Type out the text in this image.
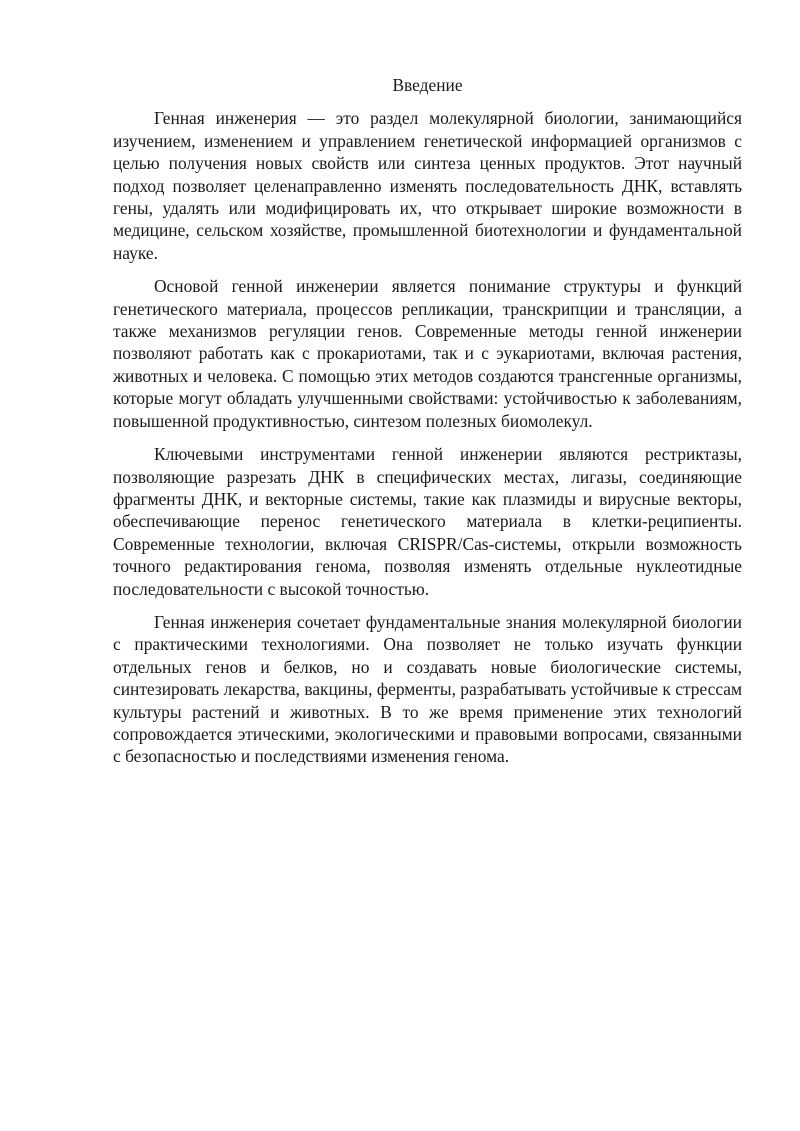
Введение

Генная инженерия — это раздел молекулярной биологии, занимающийся изучением, изменением и управлением генетической информацией организмов с целью получения новых свойств или синтеза ценных продуктов. Этот научный подход позволяет целенаправленно изменять последовательность ДНК, вставлять гены, удалять или модифицировать их, что открывает широкие возможности в медицине, сельском хозяйстве, промышленной биотехнологии и фундаментальной науке.

Основой генной инженерии является понимание структуры и функций генетического материала, процессов репликации, транскрипции и трансляции, а также механизмов регуляции генов. Современные методы генной инженерии позволяют работать как с прокариотами, так и с эукариотами, включая растения, животных и человека. С помощью этих методов создаются трансгенные организмы, которые могут обладать улучшенными свойствами: устойчивостью к заболеваниям, повышенной продуктивностью, синтезом полезных биомолекул.

Ключевыми инструментами генной инженерии являются рестриктазы, позволяющие разрезать ДНК в специфических местах, лигазы, соединяющие фрагменты ДНК, и векторные системы, такие как плазмиды и вирусные векторы, обеспечивающие перенос генетического материала в клетки-реципиенты. Современные технологии, включая CRISPR/Cas-системы, открыли возможность точного редактирования генома, позволяя изменять отдельные нуклеотидные последовательности с высокой точностью.

Генная инженерия сочетает фундаментальные знания молекулярной биологии с практическими технологиями. Она позволяет не только изучать функции отдельных генов и белков, но и создавать новые биологические системы, синтезировать лекарства, вакцины, ферменты, разрабатывать устойчивые к стрессам культуры растений и животных. В то же время применение этих технологий сопровождается этическими, экологическими и правовыми вопросами, связанными с безопасностью и последствиями изменения генома.
